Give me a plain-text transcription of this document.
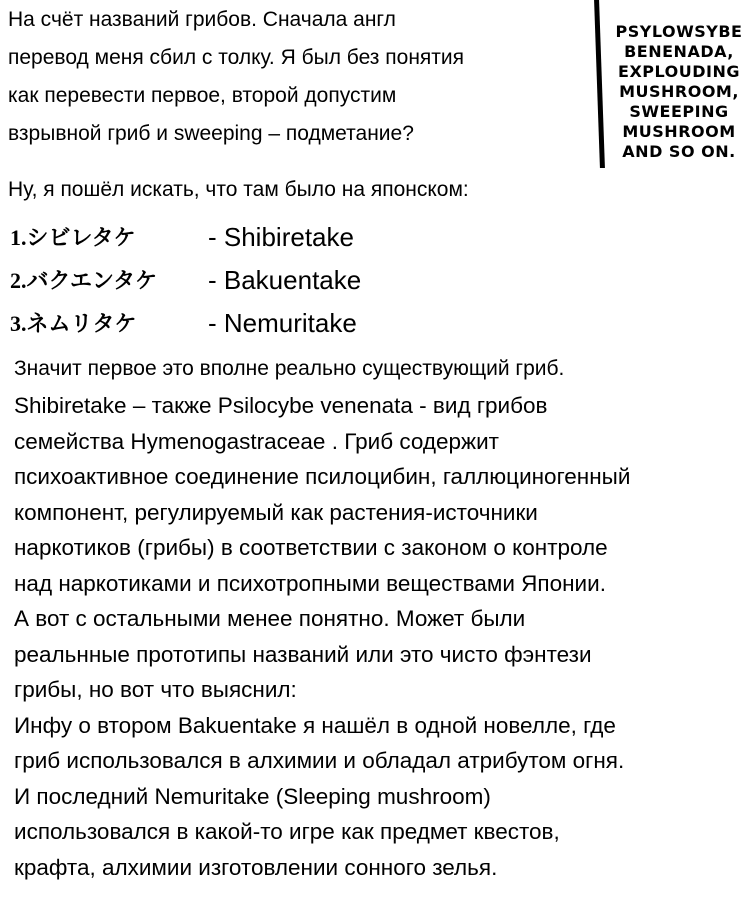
На счёт названий грибов. Сначала англ
перевод меня сбил с толку. Я был без понятия
как перевести первое, второй допустим
взрывной гриб и sweeping – подметание?
PSYLOWSYBE
BENENADA,
EXPLOUDING
MUSHROOM,
SWEEPING
MUSHROOM
AND SO ON.
Ну, я пошёл искать, что там было на японском:
1.シビレタケ	- Shibiretake
2.バクエンタケ - Bakuentake
3.ネムリタケ	- Nemuritake
Значит первое это вполне реально существующий гриб.
Shibiretake – также Psilocybe venenata - вид грибов
семейства Hymenogastraceae . Гриб содержит
психоактивное соединение псилоцибин, галлюциногенный
компонент, регулируемый как растения-источники
наркотиков (грибы) в соответствии с законом о контроле
над наркотиками и психотропными веществами Японии.
А вот с остальными менее понятно. Может были
реальнные прототипы названий или это чисто фэнтези
грибы, но вот что выяснил:
Инфу о втором Bakuentake я нашёл в одной новелле, где
гриб использовался в алхимии и обладал атрибутом огня.
И последний Nemuritake (Sleeping mushroom)
использовался в какой-то игре как предмет квестов,
крафта, алхимии изготовлении сонного зелья.
